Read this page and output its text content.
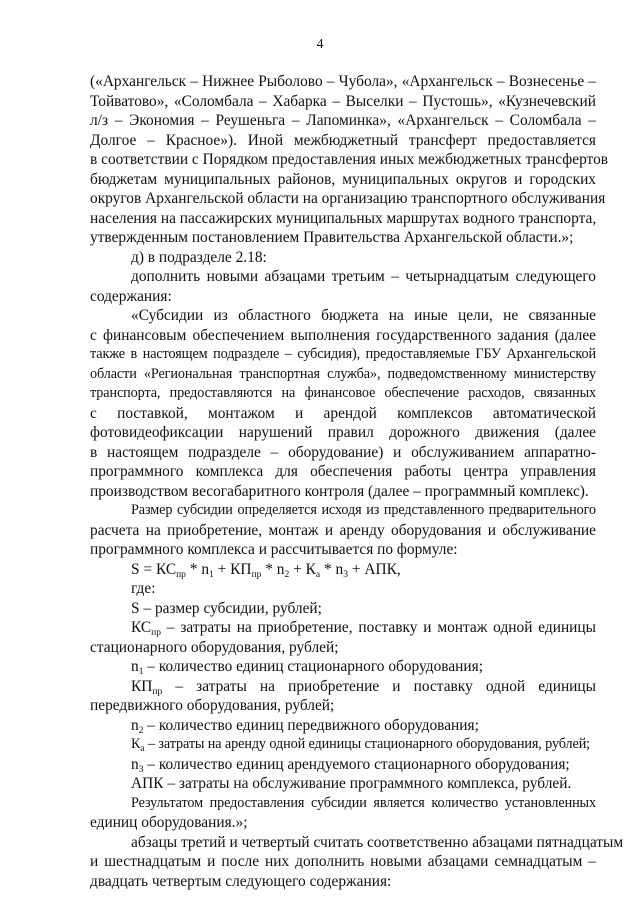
4
(«Архангельск – Нижнее Рыболово – Чубола», «Архангельск – Вознесенье –
Тойватово», «Соломбала – Хабарка – Выселки – Пустошь», «Кузнечевский
л/з – Экономия – Реушеньга – Лапоминка», «Архангельск – Соломбала –
Долгое – Красное»). Иной межбюджетный трансферт предоставляется
в соответствии с Порядком предоставления иных межбюджетных трансфертов
бюджетам муниципальных районов, муниципальных округов и городских
округов Архангельской области на организацию транспортного обслуживания
населения на пассажирских муниципальных маршрутах водного транспорта,
утвержденным постановлением Правительства Архангельской области.»;
д) в подразделе 2.18:
дополнить новыми абзацами третьим – четырнадцатым следующего
содержания:
«Субсидии из областного бюджета на иные цели, не связанные
с финансовым обеспечением выполнения государственного задания (далее
также в настоящем подразделе – субсидия), предоставляемые ГБУ Архангельской
области «Региональная транспортная служба», подведомственному министерству
транспорта, предоставляются на финансовое обеспечение расходов, связанных
с поставкой, монтажом и арендой комплексов автоматической
фотовидеофиксации нарушений правил дорожного движения (далее
в настоящем подразделе – оборудование) и обслуживанием аппаратно-
программного комплекса для обеспечения работы центра управления
производством весогабаритного контроля (далее – программный комплекс).
Размер субсидии определяется исходя из представленного предварительного
расчета на приобретение, монтаж и аренду оборудования и обслуживание
программного комплекса и рассчитывается по формуле:
$S = КС_{пр} * n_1 + КП_{пр} * n_2 + К_а * n_3$ + АПК,
где:
S – размер субсидии, рублей;
$КС_{пр}$ – затраты на приобретение, поставку и монтаж одной единицы
стационарного оборудования, рублей;
$n_1$ – количество единиц стационарного оборудования;
$КП_{пр}$ – затраты на приобретение и поставку одной единицы
передвижного оборудования, рублей;
$n_2$ – количество единиц передвижного оборудования;
$К_а$ – затраты на аренду одной единицы стационарного оборудования, рублей;
$n_3$ – количество единиц арендуемого стационарного оборудования;
АПК – затраты на обслуживание программного комплекса, рублей.
Результатом предоставления субсидии является количество установленных
единиц оборудования.»;
абзацы третий и четвертый считать соответственно абзацами пятнадцатым
и шестнадцатым и после них дополнить новыми абзацами семнадцатым –
двадцать четвертым следующего содержания:
